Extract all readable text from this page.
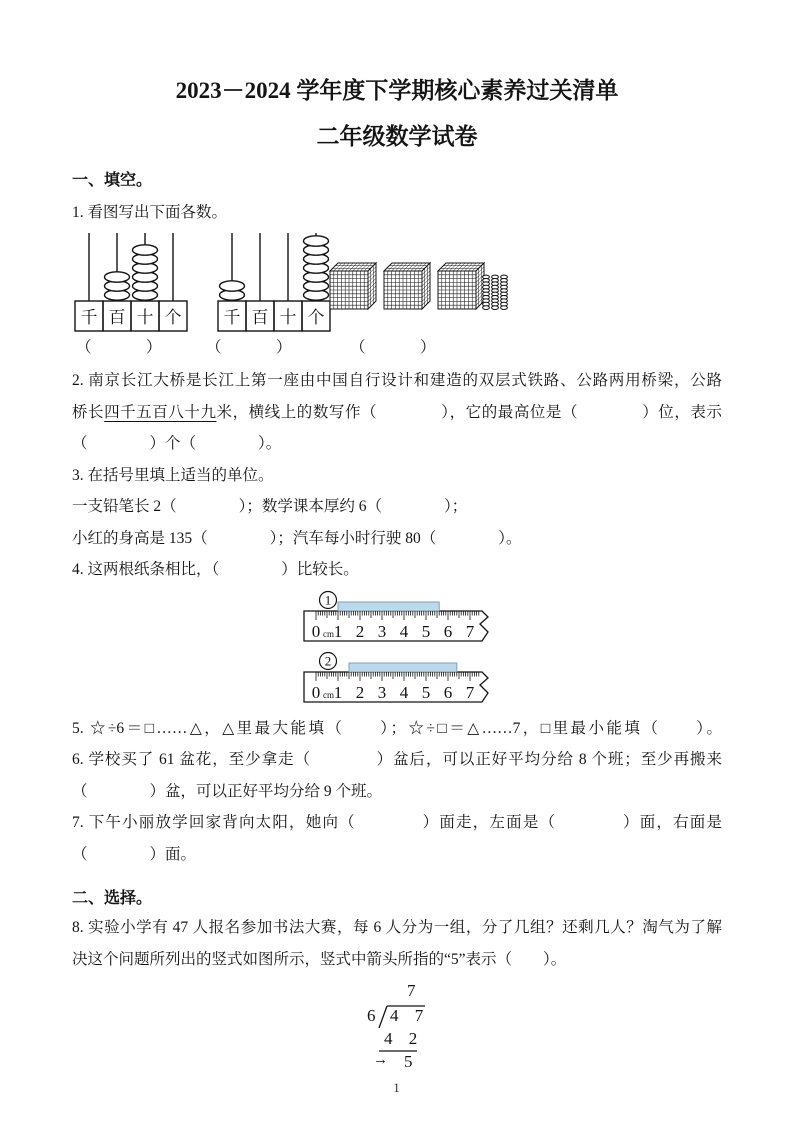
2023－2024 学年度下学期核心素养过关清单
二年级数学试卷
一、填空。
1. 看图写出下面各数。
千 百 十 个 千 百 十 个
（　　　）	（　　　）	（　　　）

2. 南京长江大桥是长江上第一座由中国自行设计和建造的双层式铁路、公路两用桥梁，公路

桥长四千五百八十九米，横线上的数写作（　　　　），它的最高位是（　　　　）位，表示

（　　　　）个（　　　　）。

3. 在括号里填上适当的单位。

一支铅笔长 2（　　　　）；数学课本厚约 6（　　　　）；

小红的身高是 135（　　　　）；汽车每小时行驶 80（　　　　）。

4. 这两根纸条相比，（　　　　）比较长。

0 1 2 3 4 5 6 7
cm
1
0 1 2 3 4 5 6 7
cm
2

5. ☆÷6＝□……△，△里最大能填（　　）；☆÷□＝△……7，□里最小能填（　　）。

6. 学校买了 61 盆花，至少拿走（　　　　）盆后，可以正好平均分给 8 个班；至少再搬来

（　　　　）盆，可以正好平均分给 9 个班。

7. 下午小丽放学回家背向太阳，她向（　　　　）面走，左面是（　　　　）面，右面是

（　　　　）面。

二、选择。

8. 实验小学有 47 人报名参加书法大赛，每 6 人分为一组，分了几组？还剩几人？淘气为了解

决这个问题所列出的竖式如图所示，竖式中箭头所指的“5”表示（　　）。

7
6 4 7
4 2
→ 5
1
